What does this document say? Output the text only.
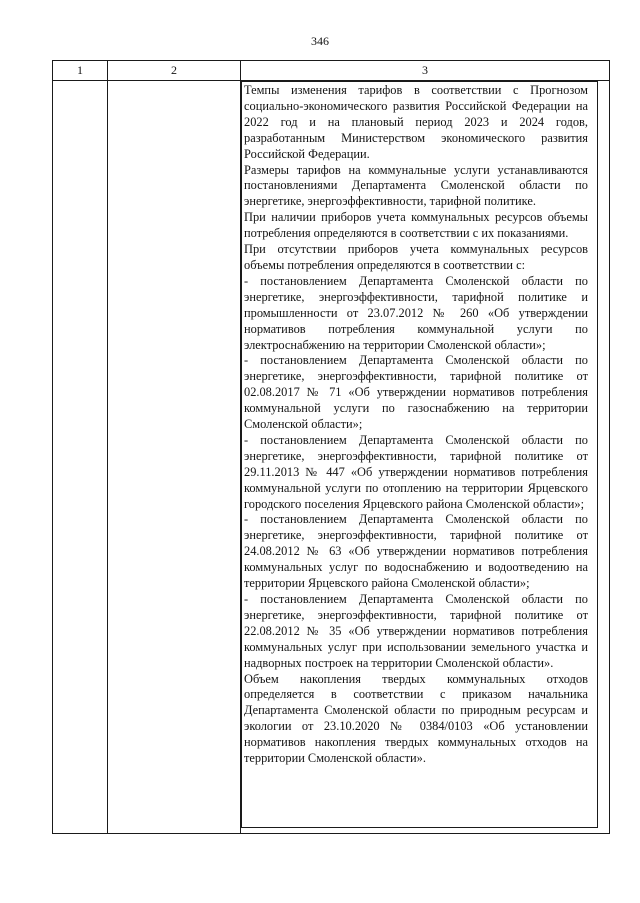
346
1	2	3

Темпы изменения тарифов в соответствии с Прогнозом социально-экономического развития Российской Федерации на 2022 год и на плановый период 2023 и 2024 годов, разработанным Министерством экономического развития Российской Федерации.

Размеры тарифов на коммунальные услуги устанавливаются постановлениями Департамента Смоленской области по энергетике, энергоэффективности, тарифной политике.

При наличии приборов учета коммунальных ресурсов объемы потребления определяются в соответствии с их показаниями.

При отсутствии приборов учета коммунальных ресурсов объемы потребления определяются в соответствии с:

- постановлением Департамента Смоленской области по энергетике, энергоэффективности, тарифной политике и промышленности от 23.07.2012 № 260 «Об утверждении нормативов потребления коммунальной услуги по электроснабжению на территории Смоленской области»;

- постановлением Департамента Смоленской области по энергетике, энергоэффективности, тарифной политике от 02.08.2017 № 71 «Об утверждении нормативов потребления коммунальной услуги по газоснабжению на территории Смоленской области»;

- постановлением Департамента Смоленской области по энергетике, энергоэффективности, тарифной политике от 29.11.2013 № 447 «Об утверждении нормативов потребления коммунальной услуги по отоплению на территории Ярцевского городского поселения Ярцевского района Смоленской области»;

- постановлением Департамента Смоленской области по энергетике, энергоэффективности, тарифной политике от 24.08.2012 № 63 «Об утверждении нормативов потребления коммунальных услуг по водоснабжению и водоотведению на территории Ярцевского района Смоленской области»;

- постановлением Департамента Смоленской области по энергетике, энергоэффективности, тарифной политике от 22.08.2012 № 35 «Об утверждении нормативов потребления коммунальных услуг при использовании земельного участка и надворных построек на территории Смоленской области».

Объем накопления твердых коммунальных отходов определяется в соответствии с приказом начальника Департамента Смоленской области по природным ресурсам и экологии от 23.10.2020 № 0384/0103 «Об установлении нормативов накопления твердых коммунальных отходов на территории Смоленской области».
